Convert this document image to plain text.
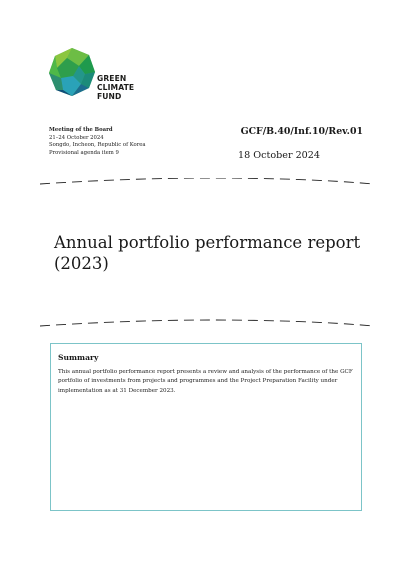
GREEN
CLIMATE
FUND
Meeting of the Board
21–24 October 2024
Songdo, Incheon, Republic of Korea
Provisional agenda item 9
GCF/B.40/Inf.10/Rev.01
18 October 2024
Annual portfolio performance report
(2023)
Summary
This annual portfolio performance report presents a review and analysis of the performance of the GCF portfolio of investments from projects and programmes and the Project Preparation Facility under implementation as at 31 December 2023.
